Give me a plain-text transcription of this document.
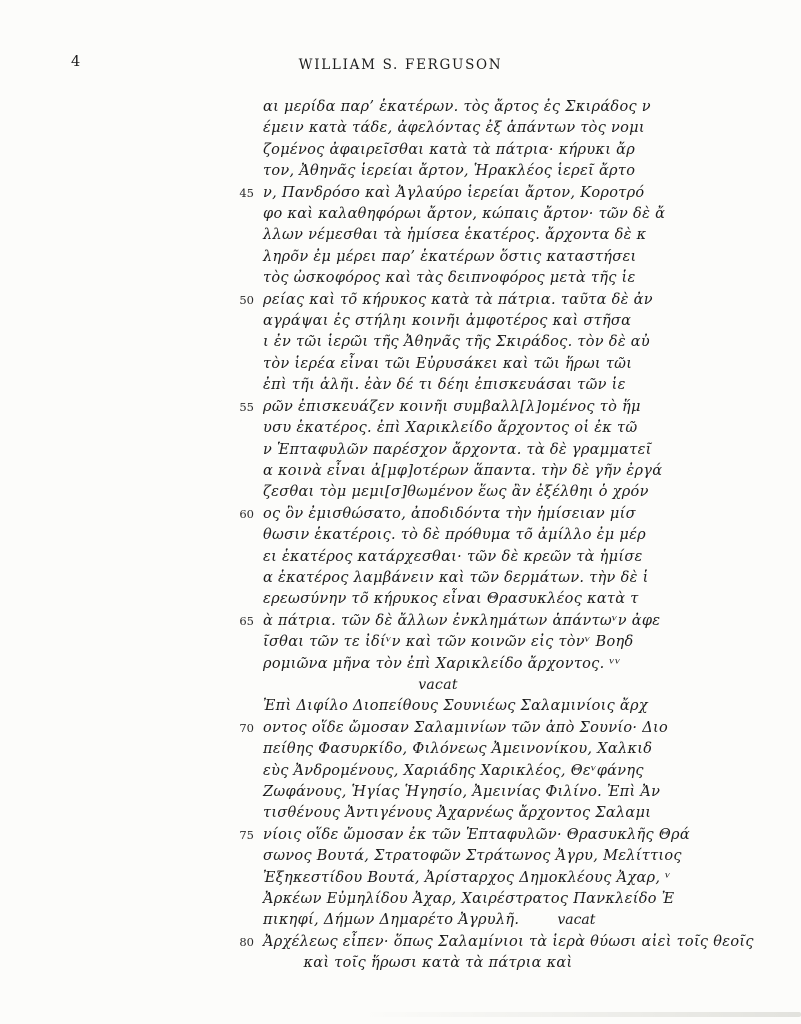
4	WILLIAM S. FERGUSON
αι μερίδα παρ’ ἑκατέρων. τὸς ἄρτος ἐς Σκιράδος ν
έμειν κατὰ τάδε, ἀφελόντας ἐξ ἁπάντων τὸς νομι
ζομένος ἀφαιρεῖσθαι κατὰ τὰ πάτρια· κήρυκι ἄρ
τον, Ἀθηνᾶς ἱερείαι ἄρτον, Ἡρακλέος ἱερεῖ ἄρτο
45 ν, Πανδρόσο καὶ Ἀγλαύρο ἱερείαι ἄρτον, Κοροτρό
φο καὶ καλαθηφόρωι ἄρτον, κώπαις ἄρτον· τῶν δὲ ἄ
λλων νέμεσθαι τὰ ἡμίσεα ἑκατέρος. ἄρχοντα δὲ κ
ληρο̃ν ἐμ μέρει παρ’ ἑκατέρων ὅστις καταστήσει
τὸς ὠσκοφόρος καὶ τὰς δειπνοφόρος μετὰ τῆς ἱε
50 ρείας καὶ το̃ κήρυκος κατὰ τὰ πάτρια. ταῦτα δὲ ἀν
αγράψαι ἐς στήληι κοινῆι ἀμφοτέρος καὶ στῆσα
ι ἐν τῶι ἱερῶι τῆς Ἀθηνᾶς τῆς Σκιράδος. τὸν δὲ αὐ
τὸν ἱερέα εἶναι τῶι Εὐρυσάκει καὶ τῶι ἥρωι τῶι
ἐπὶ τῆι ἁλῆι. ἐὰν δέ τι δέηι ἐπισκευάσαι τῶν ἱε
55 ρῶν ἐπισκευάζεν κοινῆι συμβαλλ[λ]ομένος τὸ ἥμ
υσυ ἑκατέρος. ἐπὶ Χαρικλείδο ἄρχοντος οἱ ἐκ τῶ
ν Ἑπταφυλῶν παρέσχον ἄρχοντα. τὰ δὲ γραμματεῖ
α κοινὰ εἶναι ἀ[μφ]οτέρων ἅπαντα. τὴν δὲ γῆν ἐργά
ζεσθαι τὸμ μεμι[σ]θωμένον ἕως ἂν ἐξέλθηι ὁ χρόν
60 ος ὃν ἐμισθώσατο, ἀποδιδόντα τὴν ἡμίσειαν μίσ
θωσιν ἑκατέροις. τὸ δὲ πρόθυμα το̃ ἀμίλλο ἐμ μέρ
ει ἑκατέρος κατάρχεσθαι· τῶν δὲ κρεῶν τὰ ἡμίσε
α ἑκατέρος λαμβάνειν καὶ τῶν δερμάτων. τὴν δὲ ἱ
ερεωσύνην το̃ κήρυκος εἶναι Θρασυκλέος κατὰ τ
65 ὰ πάτρια. τῶν δὲ ἄλλων ἐνκλημάτων ἁπάντωᵛν ἀφε
ῖσθαι τῶν τε ἰδίᵛν καὶ τῶν κοινῶν εἰς τὸνᵛ Βοηδ
ρομιῶνα μῆνα τὸν ἐπὶ Χαρικλείδο ἄρχοντος. ᵛᵛ
vacat
Ἐπὶ Διφίλο Διοπείθους Σουνιέως Σαλαμινίοις ἄρχ
70 οντος οἵδε ὤμοσαν Σαλαμινίων τῶν ἀπὸ Σουνίο· Διο
πείθης Φασυρκίδο, Φιλόνεως Ἀμεινονίκου, Χαλκιδ
εὺς Ἀνδρομένους, Χαριάδης Χαρικλέος, Θεᵛφάνης
Ζωφάνους, Ἡγίας Ἡγησίο, Ἀμεινίας Φιλίνο. Ἐπὶ Ἀν
τισθένους Ἀντιγένους Ἀχαρνέως ἄρχοντος Σαλαμι
75 νίοις οἵδε ὤμοσαν ἐκ τῶν Ἑπταφυλῶν· Θρασυκλῆς Θρά
σωνος Βουτά, Στρατοφῶν Στράτωνος Ἀγρυ, Μελίττιος
Ἐξηκεστίδου Βουτά, Ἀρίσταρχος Δημοκλέους Ἀχαρ, ᵛ
Ἀρκέων Εὐμηλίδου Ἀχαρ, Χαιρέστρατος Πανκλείδο Ἐ
πικηφί, Δήμων Δημαρέτο Ἀγρυλῆ.	vacat
80 Ἀρχέλεως εἶπεν· ὅπως Σαλαμίνιοι τὰ ἱερὰ θύωσι αἰεὶ τοῖς θεοῖς
καὶ τοῖς ἥρωσι κατὰ τὰ πάτρια καὶ
